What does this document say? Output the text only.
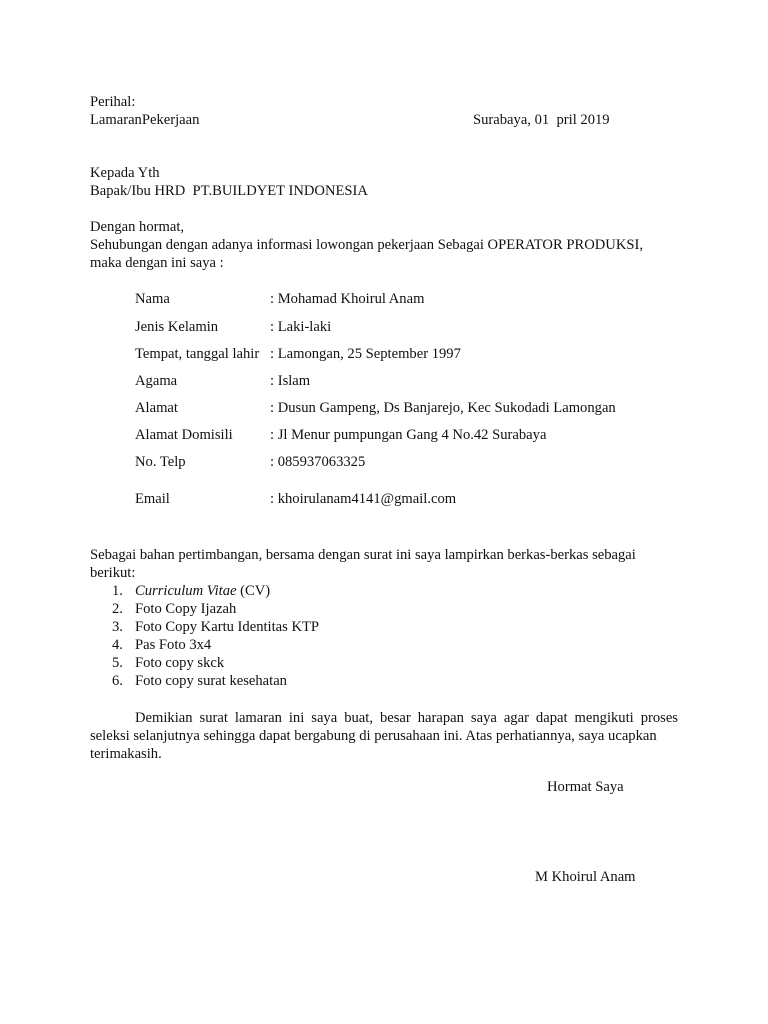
Perihal:
LamaranPekerjaan	Surabaya, 01  pril 2019
Kepada Yth
Bapak/Ibu HRD  PT.BUILDYET INDONESIA
Dengan hormat,
Sehubungan dengan adanya informasi lowongan pekerjaan Sebagai OPERATOR PRODUKSI,
maka dengan ini saya :

Nama

	: Mohamad Khoirul Anam

Jenis Kelamin

	: Laki-laki

Tempat, tanggal lahir

: Lamongan, 25 September 1997

Agama

	: Islam

Alamat

	: Dusun Gampeng, Ds Banjarejo, Kec Sukodadi Lamongan

Alamat Domisili

	: Jl Menur pumpungan Gang 4 No.42 Surabaya

No. Telp

	: 085937063325

Email

	: khoirulanam4141@gmail.com

Sebagai bahan pertimbangan, bersama dengan surat ini saya lampirkan berkas-berkas sebagai
berikut:

1.

Curriculum Vitae (CV)

2.

Foto Copy Ijazah

3.

Foto Copy Kartu Identitas KTP

4.

Pas Foto 3x4

5.

Foto copy skck

6.

Foto copy surat kesehatan

Demikian surat lamaran ini saya buat, besar harapan saya agar dapat mengikuti proses seleksi selanjutnya sehingga dapat bergabung di perusahaan ini. Atas perhatiannya, saya ucapkan
terimakasih.
Hormat Saya
M Khoirul Anam
